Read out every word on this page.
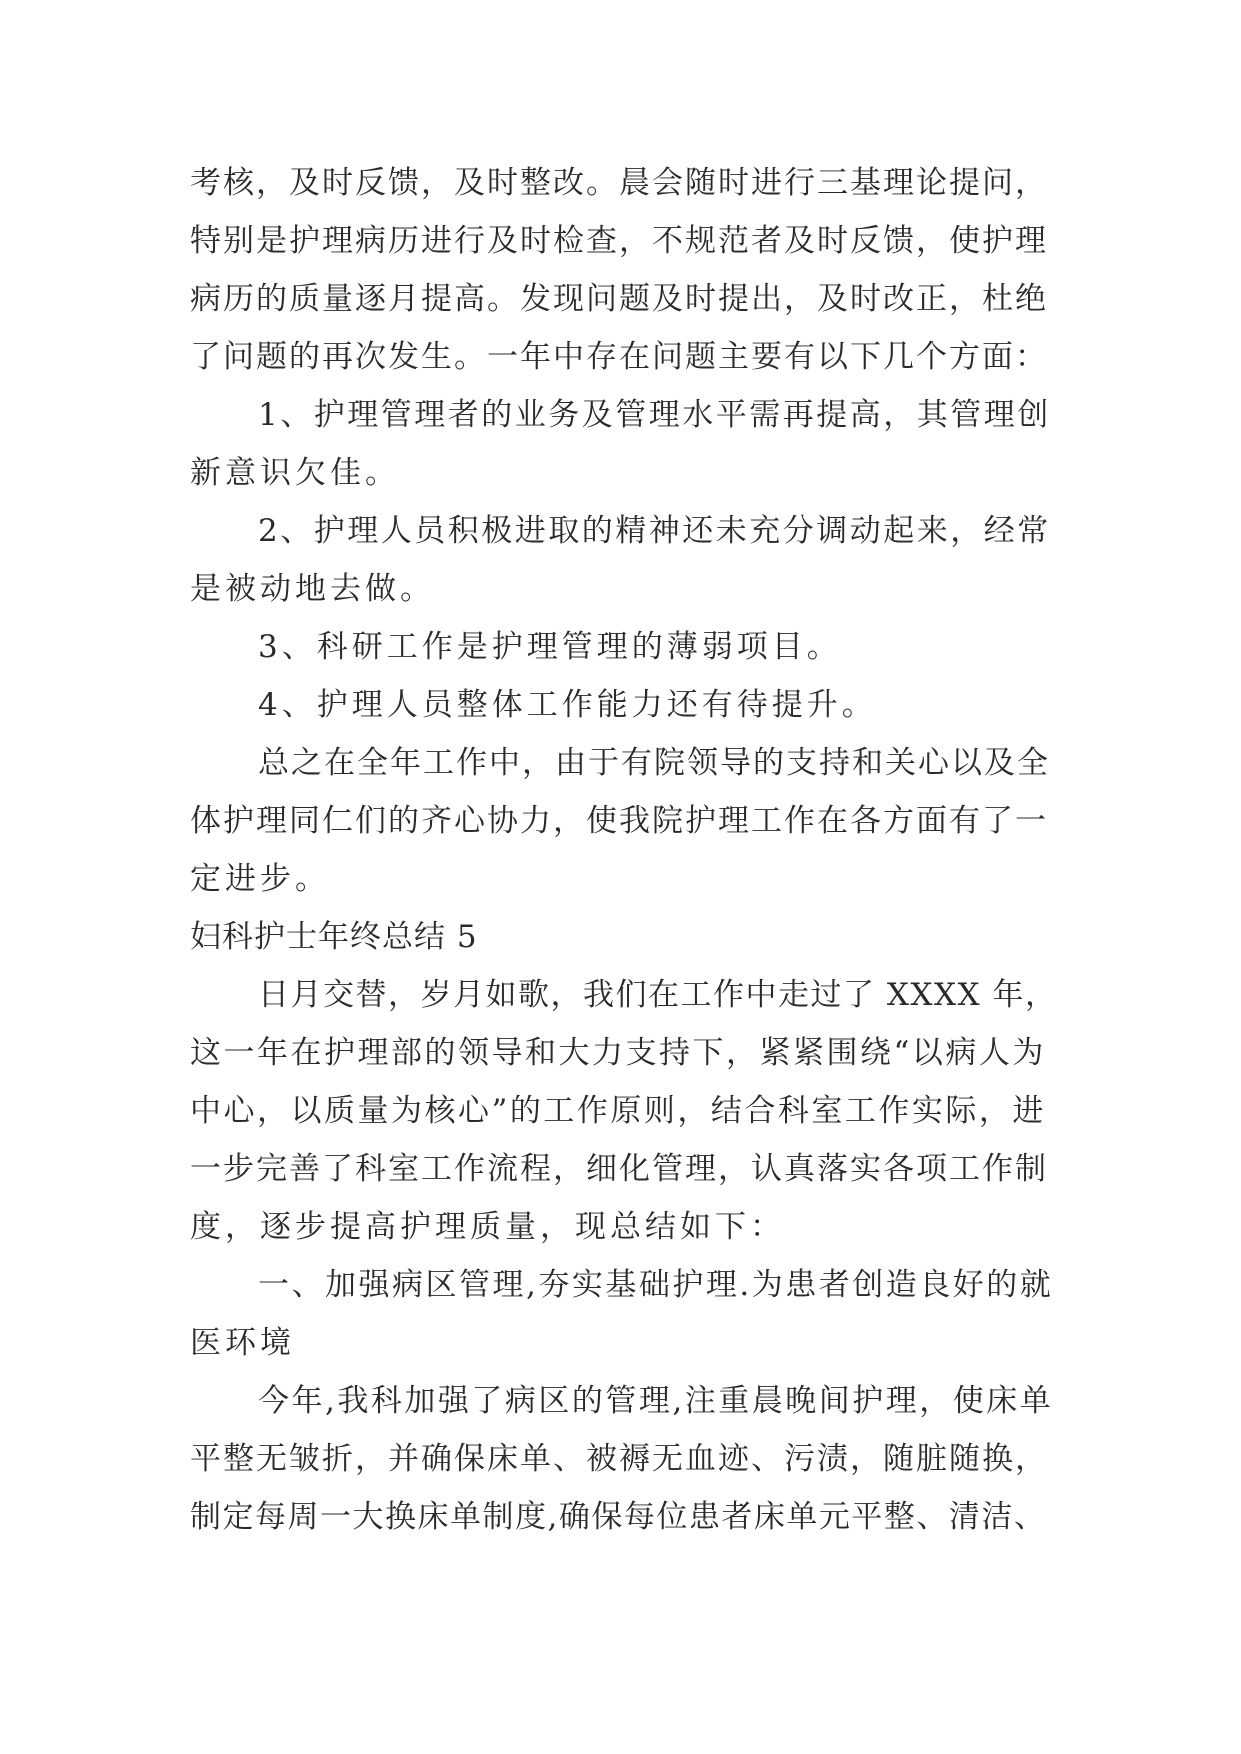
考核，及时反馈，及时整改。晨会随时进行三基理论提问，
特别是护理病历进行及时检查，不规范者及时反馈，使护理
病历的质量逐月提高。发现问题及时提出，及时改正，杜绝
了问题的再次发生。一年中存在问题主要有以下几个方面：
1、护理管理者的业务及管理水平需再提高，其管理创
新意识欠佳。
2、护理人员积极进取的精神还未充分调动起来，经常
是被动地去做。
3、科研工作是护理管理的薄弱项目。
4、护理人员整体工作能力还有待提升。
总之在全年工作中，由于有院领导的支持和关心以及全
体护理同仁们的齐心协力，使我院护理工作在各方面有了一
定进步。
妇科护士年终总结 5
日月交替，岁月如歌，我们在工作中走过了 XXXX 年，
这一年在护理部的领导和大力支持下，紧紧围绕“以病人为
中心，以质量为核心”的工作原则，结合科室工作实际，进
一步完善了科室工作流程，细化管理，认真落实各项工作制
度，逐步提高护理质量，现总结如下：
一、加强病区管理,夯实基础护理.为患者创造良好的就
医环境
今年,我科加强了病区的管理,注重晨晚间护理，使床单
平整无皱折，并确保床单、被褥无血迹、污渍，随脏随换，
制定每周一大换床单制度,确保每位患者床单元平整、清洁、
